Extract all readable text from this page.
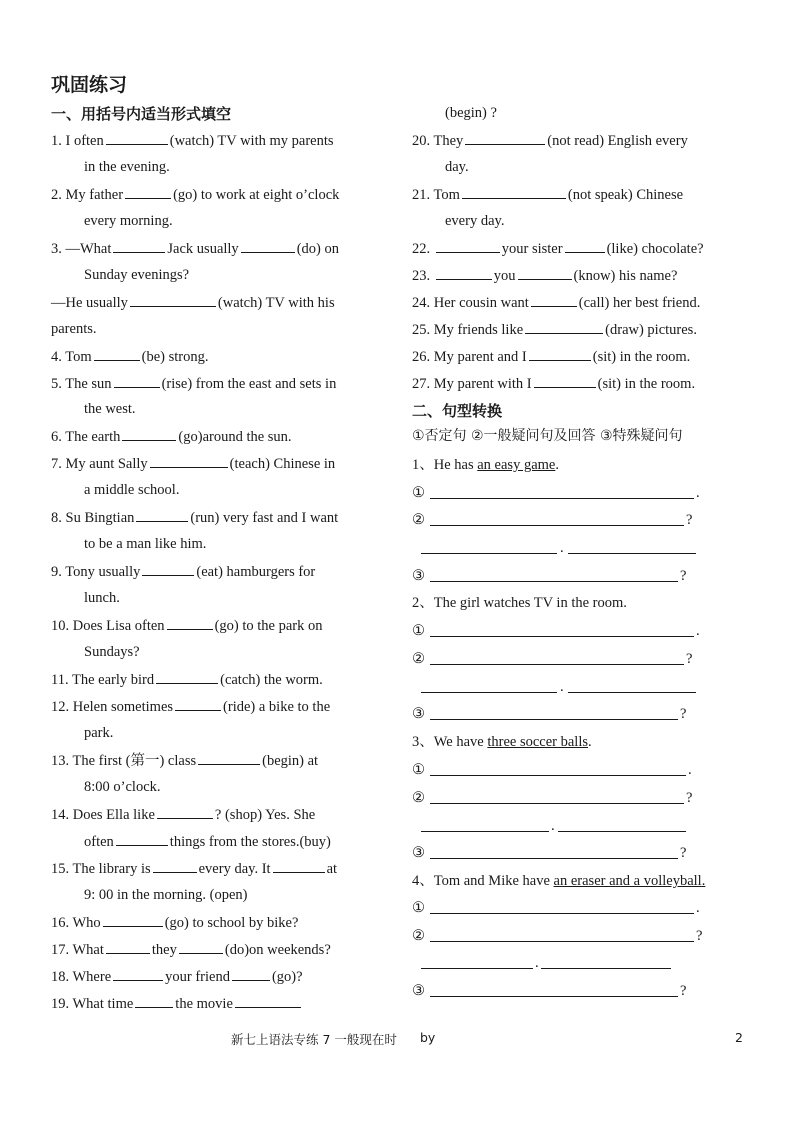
巩固练习
一、用括号内适当形式填空
1. I often	(watch) TV with my parents
in the evening.
2. My father	(go) to work at eight o’clock
every morning.
3. —What	Jack usually	(do) on
Sunday evenings?
—He usually	(watch) TV with his
parents.
4. Tom	(be) strong.
5. The sun	(rise) from the east and sets in
the west.
6. The earth	(go)around the sun.
7. My aunt Sally	(teach) Chinese in
a middle school.
8. Su Bingtian	(run) very fast and I want
to be a man like him.
9. Tony usually	(eat) hamburgers for
lunch.
10. Does Lisa often	(go) to the park on
Sundays?
11. The early bird	(catch) the worm.
12. Helen sometimes	(ride) a bike to the
park.
13. The first (第一) class	(begin) at
8:00 o’clock.
14. Does Ella like	? (shop) Yes. She
often	things from the stores.(buy)
15. The library is	every day. It	at
9: 00 in the morning. (open)
16. Who	(go) to school by bike?
17. What	they	(do)on weekends?
18. Where	your friend	(go)?
19. What time	the movie
(begin) ?
20. They	(not read) English every
day.
21. Tom	(not speak) Chinese
every day.
22.	your sister	(like) chocolate?
23.	you	(know) his name?
24. Her cousin want	(call) her best friend.
25. My friends like	(draw) pictures.
26. My parent and I	(sit) in the room.
27. My parent with I	(sit) in the room.
二、句型转换
①否定句 ②一般疑问句及回答 ③特殊疑问句
1、He has an easy game.
①	.
②	?
.
③	?
2、The girl watches TV in the room.
①	.
②	?
.
③	?
3、We have three soccer balls.
①	.
②	?
.
③	?
4、Tom and Mike have an eraser and a volleyball.
①	.
②	?
.
③	?
新七上语法专练 7 一般现在时 by	2
